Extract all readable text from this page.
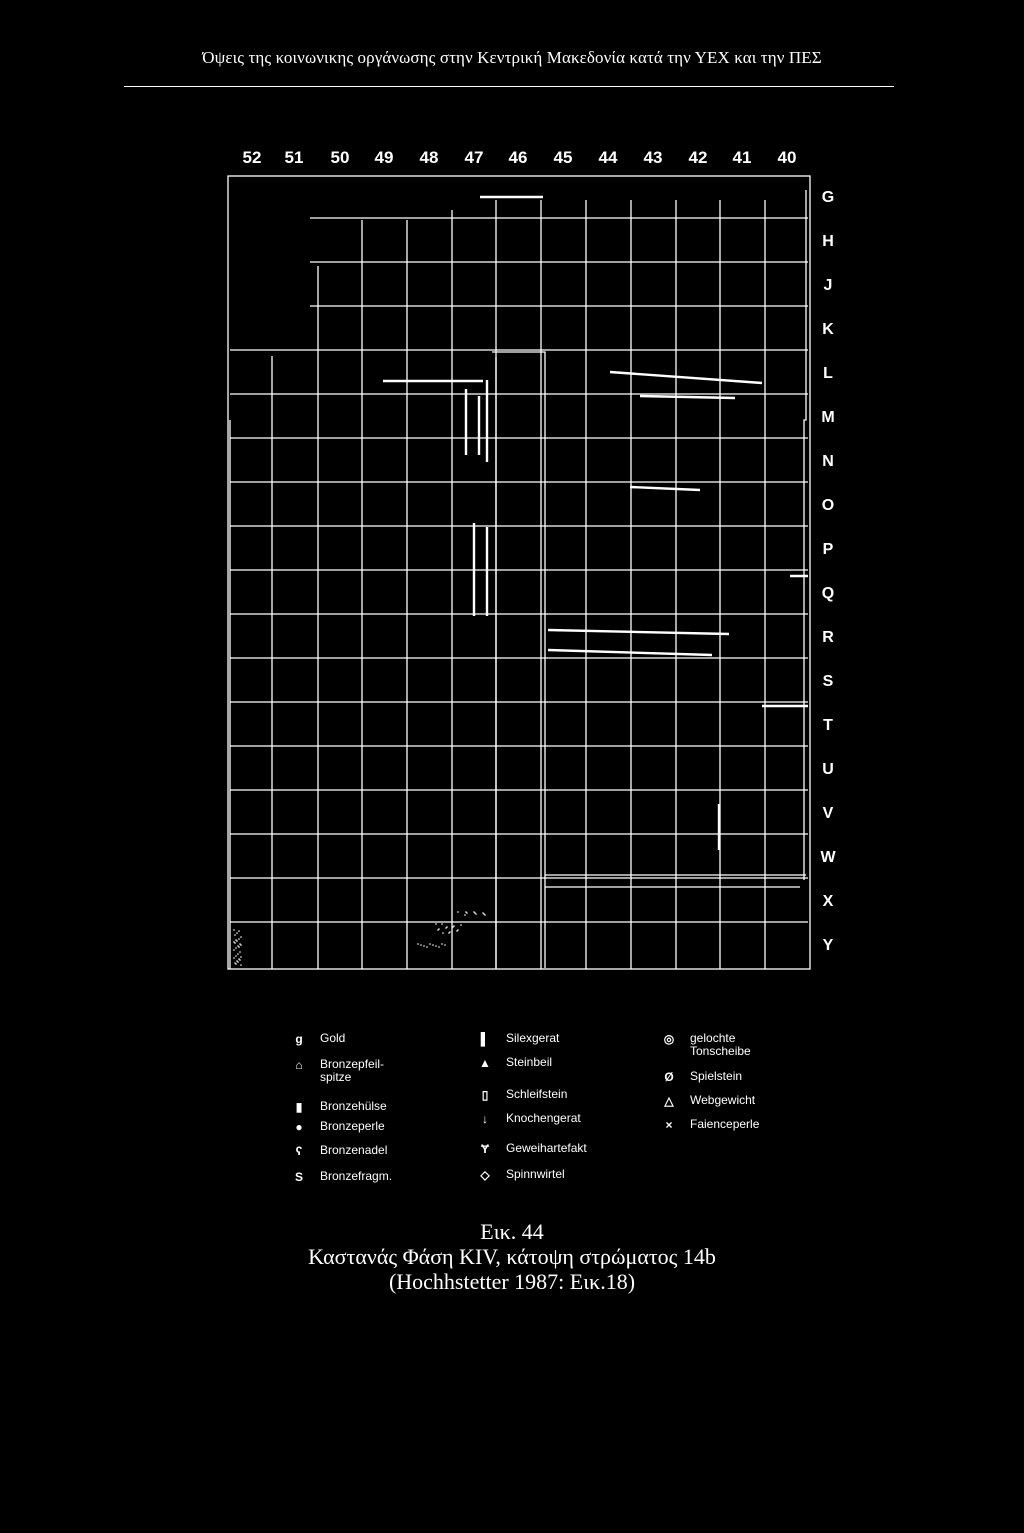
Όψεις της κοινωνικης οργάνωσης στην Κεντρική Μακεδονία κατά την ΥΕΧ και την ΠΕΣ
52 51 50 49 48 47 46 45 44 43 42 41 40
G
H
J
K
L
M
N
O
P
Q
R
S
T
U
V
W
X
Y
ɡ	Gold
⌂	Bronzepfeil-
spitze
▮	Bronzehülse
●	Bronzeperle
ʕ	Bronzenadel
S	Bronzefragm.
▌	Silexgerat
▲	Steinbeil
▯	Schleifstein
↓	Knochengerat
Ɏ	Geweihartefakt
◇	Spinnwirtel
◎	gelochte
Tonscheibe
Ø	Spielstein
△	Webgewicht
×	Faienceperle
Εικ. 44
Καστανάς Φάση ΚΙV, κάτοψη στρώματος 14b
(Hochhstetter 1987: Εικ.18)
